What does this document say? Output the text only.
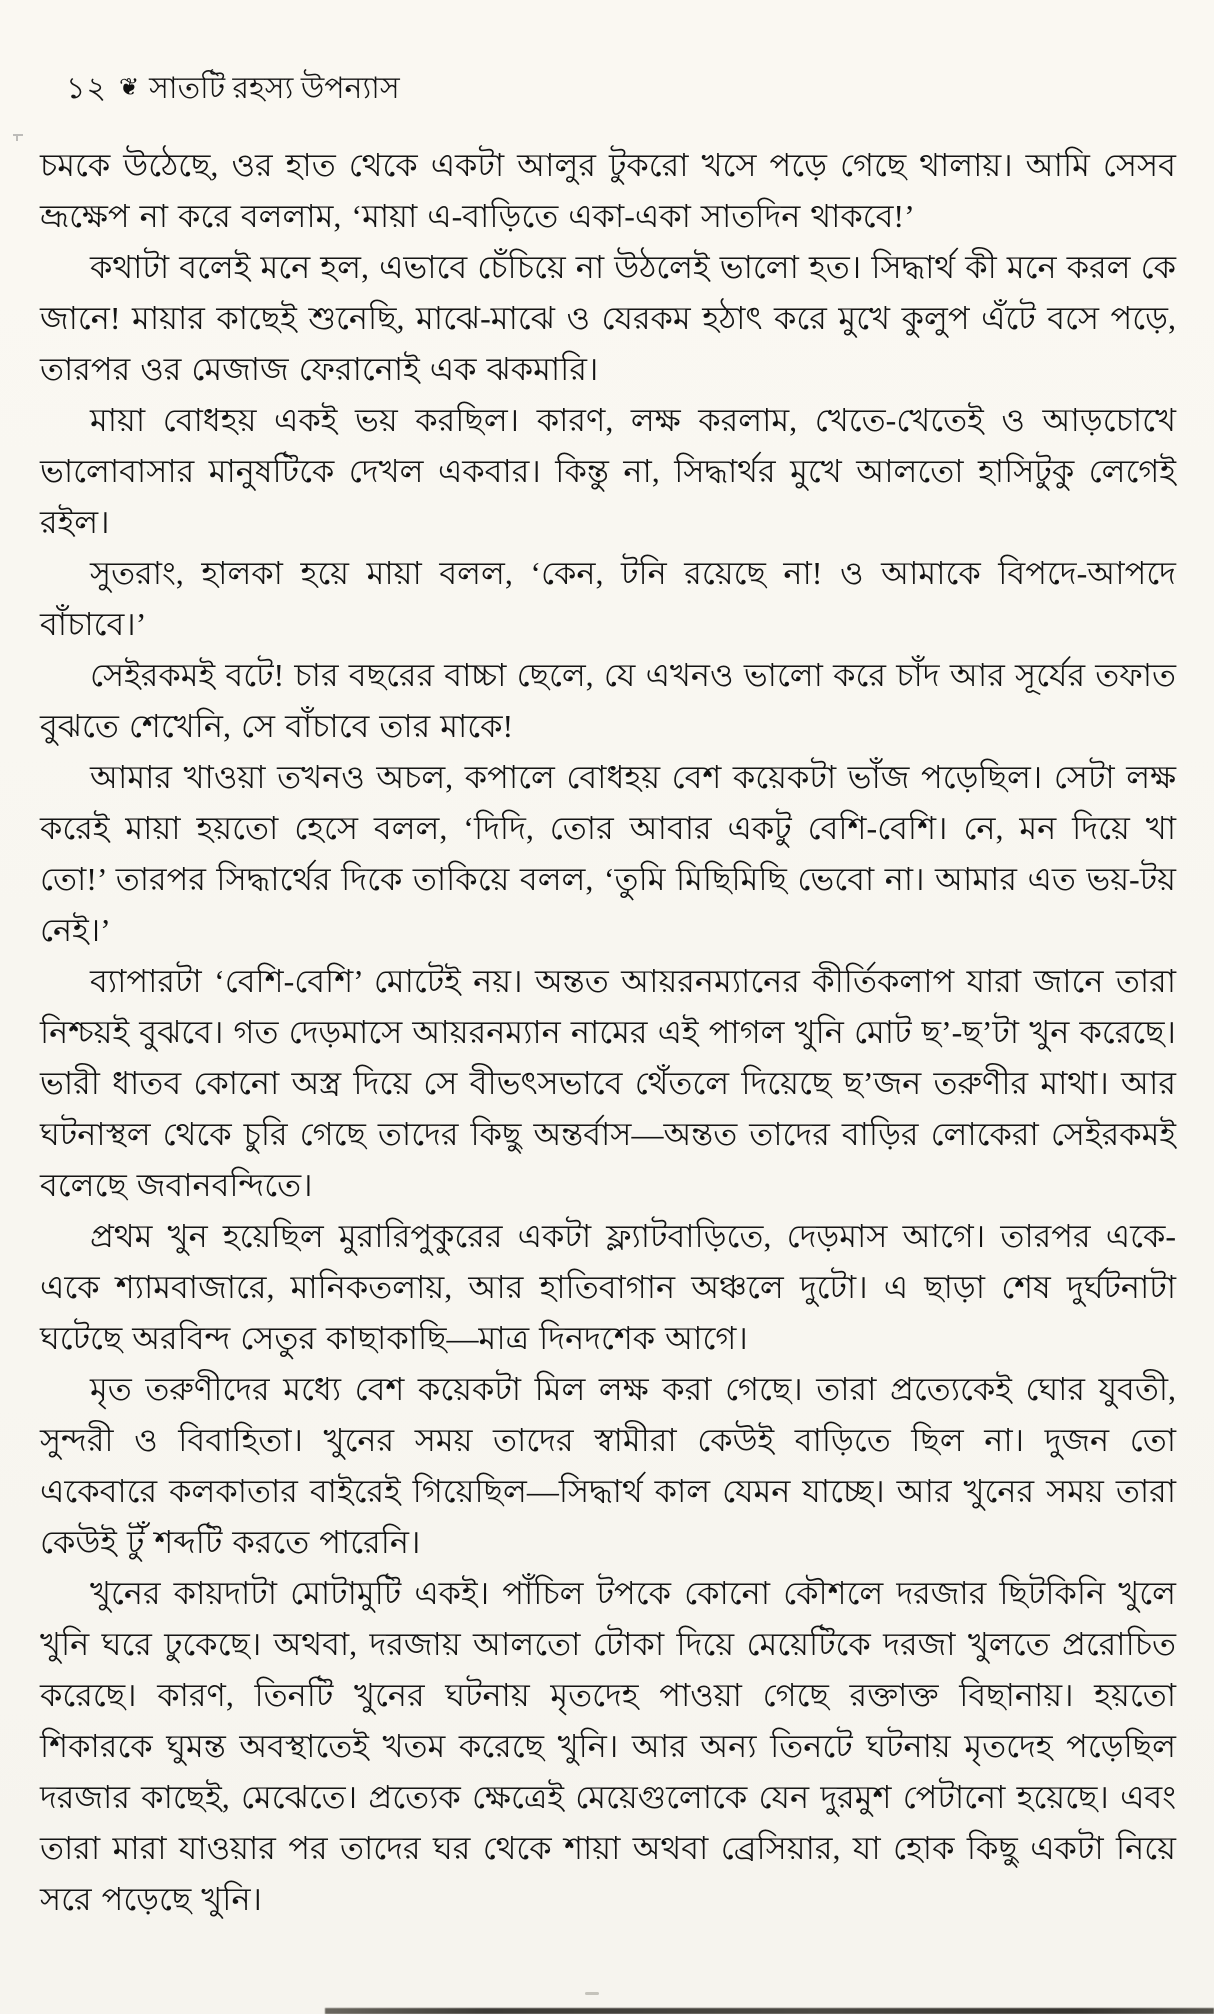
১২ ❦ সাতটি রহস্য উপন্যাস

চমকে উঠেছে, ওর হাত থেকে একটা আলুর টুকরো খসে পড়ে গেছে থালায়। আমি সেসব ভ্রূক্ষেপ না করে বললাম, ‘মায়া এ-বাড়িতে একা-একা সাতদিন থাকবে!’

কথাটা বলেই মনে হল, এভাবে চেঁচিয়ে না উঠলেই ভালো হত। সিদ্ধার্থ কী মনে করল কে জানে! মায়ার কাছেই শুনেছি, মাঝে-মাঝে ও যেরকম হঠাৎ করে মুখে কুলুপ এঁটে বসে পড়ে, তারপর ওর মেজাজ ফেরানোই এক ঝকমারি।

মায়া বোধহয় একই ভয় করছিল। কারণ, লক্ষ করলাম, খেতে-খেতেই ও আড়চোখে ভালোবাসার মানুষটিকে দেখল একবার। কিন্তু না, সিদ্ধার্থর মুখে আলতো হাসিটুকু লেগেই রইল।

সুতরাং, হালকা হয়ে মায়া বলল, ‘কেন, টনি রয়েছে না! ও আমাকে বিপদে-আপদে বাঁচাবে।’

সেইরকমই বটে! চার বছরের বাচ্চা ছেলে, যে এখনও ভালো করে চাঁদ আর সূর্যের তফাত বুঝতে শেখেনি, সে বাঁচাবে তার মাকে!

আমার খাওয়া তখনও অচল, কপালে বোধহয় বেশ কয়েকটা ভাঁজ পড়েছিল। সেটা লক্ষ করেই মায়া হয়তো হেসে বলল, ‘দিদি, তোর আবার একটু বেশি-বেশি। নে, মন দিয়ে খা তো!’ তারপর সিদ্ধার্থের দিকে তাকিয়ে বলল, ‘তুমি মিছিমিছি ভেবো না। আমার এত ভয়-টয় নেই।’

ব্যাপারটা ‘বেশি-বেশি’ মোটেই নয়। অন্তত আয়রনম্যানের কীর্তিকলাপ যারা জানে তারা নিশ্চয়ই বুঝবে। গত দেড়মাসে আয়রনম্যান নামের এই পাগল খুনি মোট ছ’-ছ’টা খুন করেছে। ভারী ধাতব কোনো অস্ত্র দিয়ে সে বীভৎসভাবে থেঁতলে দিয়েছে ছ’জন তরুণীর মাথা। আর ঘটনাস্থল থেকে চুরি গেছে তাদের কিছু অন্তর্বাস—অন্তত তাদের বাড়ির লোকেরা সেইরকমই বলেছে জবানবন্দিতে।

প্রথম খুন হয়েছিল মুরারিপুকুরের একটা ফ্ল্যাটবাড়িতে, দেড়মাস আগে। তারপর একে-একে শ্যামবাজারে, মানিকতলায়, আর হাতিবাগান অঞ্চলে দুটো। এ ছাড়া শেষ দুর্ঘটনাটা ঘটেছে অরবিন্দ সেতুর কাছাকাছি—মাত্র দিনদশেক আগে।

মৃত তরুণীদের মধ্যে বেশ কয়েকটা মিল লক্ষ করা গেছে। তারা প্রত্যেকেই ঘোর যুবতী, সুন্দরী ও বিবাহিতা। খুনের সময় তাদের স্বামীরা কেউই বাড়িতে ছিল না। দুজন তো একেবারে কলকাতার বাইরেই গিয়েছিল—সিদ্ধার্থ কাল যেমন যাচ্ছে। আর খুনের সময় তারা কেউই টুঁ শব্দটি করতে পারেনি।

খুনের কায়দাটা মোটামুটি একই। পাঁচিল টপকে কোনো কৌশলে দরজার ছিটকিনি খুলে খুনি ঘরে ঢুকেছে। অথবা, দরজায় আলতো টোকা দিয়ে মেয়েটিকে দরজা খুলতে প্ররোচিত করেছে। কারণ, তিনটি খুনের ঘটনায় মৃতদেহ পাওয়া গেছে রক্তাক্ত বিছানায়। হয়তো শিকারকে ঘুমন্ত অবস্থাতেই খতম করেছে খুনি। আর অন্য তিনটে ঘটনায় মৃতদেহ পড়েছিল দরজার কাছেই, মেঝেতে। প্রত্যেক ক্ষেত্রেই মেয়েগুলোকে যেন দুরমুশ পেটানো হয়েছে। এবং তারা মারা যাওয়ার পর তাদের ঘর থেকে শায়া অথবা ব্রেসিয়ার, যা হোক কিছু একটা নিয়ে সরে পড়েছে খুনি।
